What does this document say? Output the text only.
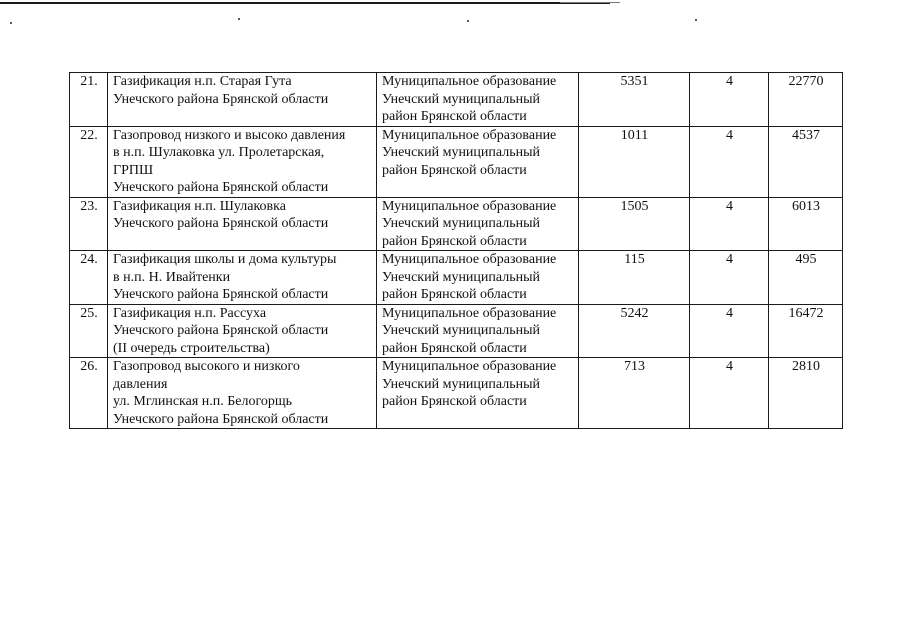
21.	Газификация н.п. Старая Гута
Унечского района Брянской области	Муниципальное образование
Унечский муниципальный
район Брянской области	5351	4	22770
22.	Газопровод низкого и высоко давления
в н.п. Шулаковка ул. Пролетарская,
ГРПШ
Унечского района Брянской области	Муниципальное образование
Унечский муниципальный
район Брянской области	1011	4	4537
23.	Газификация н.п. Шулаковка
Унечского района Брянской области	Муниципальное образование
Унечский муниципальный
район Брянской области	1505	4	6013
24.	Газификация школы и дома культуры
в н.п. Н. Ивайтенки
Унечского района Брянской области	Муниципальное образование
Унечский муниципальный
район Брянской области	115	4	495
25.	Газификация н.п. Рассуха
Унечского района Брянской области
(II очередь строительства)	Муниципальное образование
Унечский муниципальный
район Брянской области	5242	4	16472
26.	Газопровод высокого и низкого
давления
ул. Мглинская н.п. Белогорщь
Унечского района Брянской области	Муниципальное образование
Унечский муниципальный
район Брянской области	713	4	2810
